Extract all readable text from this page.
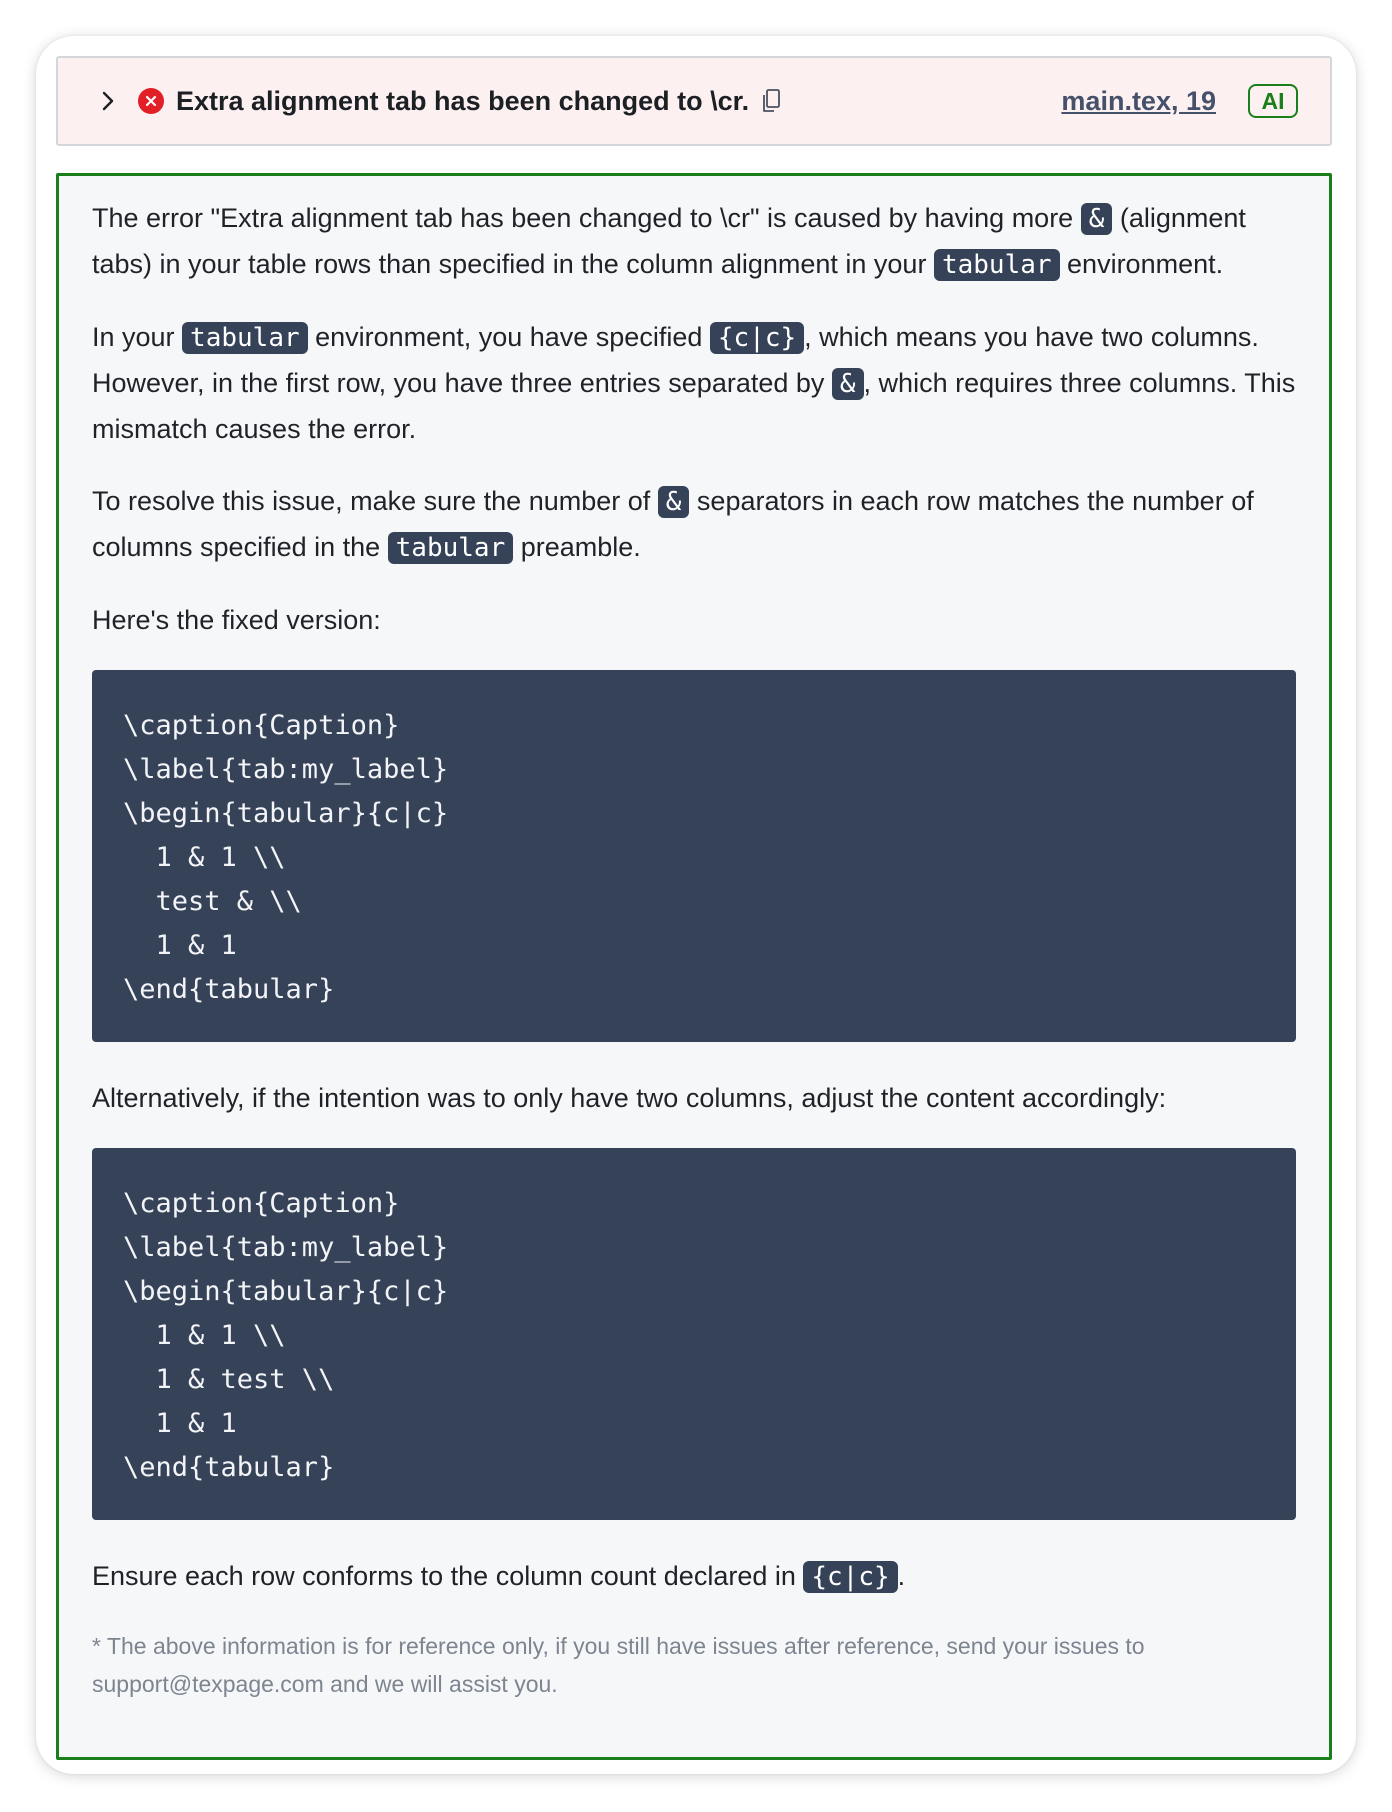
Extra alignment tab has been changed to \cr.	main.tex, 19	AI

The error "Extra alignment tab has been changed to \cr" is caused by having more & (alignment tabs) in your table rows than specified in the column alignment in your tabular environment.

In your tabular environment, you have specified {c|c} , which means you have two columns. However, in the first row, you have three entries separated by & , which requires three columns. This mismatch causes the error.

To resolve this issue, make sure the number of & separators in each row matches the number of columns specified in the tabular preamble.

Here's the fixed version:

\caption{Caption}
\label{tab:my_label}
\begin{tabular}{c|c}
1 & 1 \\
test & \\
1 & 1
\end{tabular}

Alternatively, if the intention was to only have two columns, adjust the content accordingly:

\caption{Caption}
\label{tab:my_label}
\begin{tabular}{c|c}
1 & 1 \\
1 & test \\
1 & 1
\end{tabular}

Ensure each row conforms to the column count declared in {c|c} .

* The above information is for reference only, if you still have issues after reference, send your issues to support@texpage.com and we will assist you.
